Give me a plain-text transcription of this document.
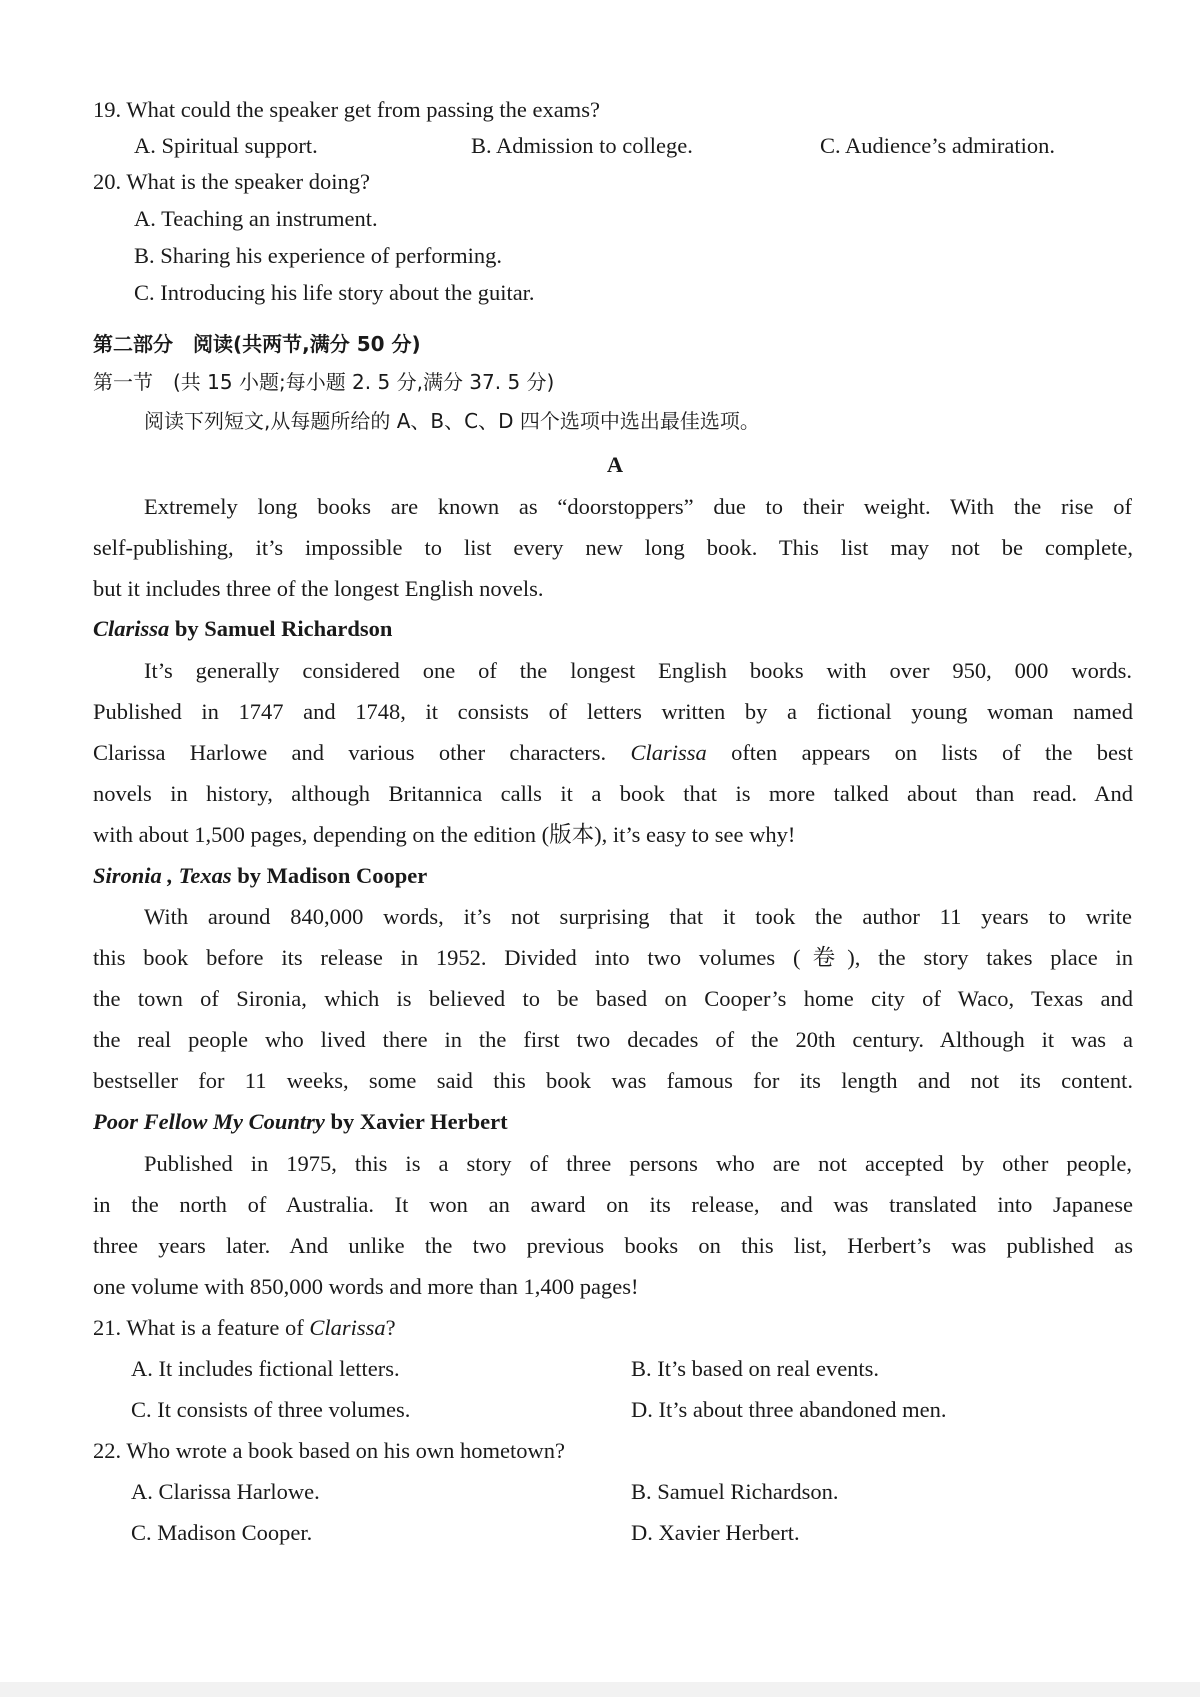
19. What could the speaker get from passing the exams?
A. Spiritual support.	B. Admission to college.	C. Audience’s admiration.
20. What is the speaker doing?
A. Teaching an instrument.
B. Sharing his experience of performing.
C. Introducing his life story about the guitar.
第二部分　阅读(共两节,满分 50 分)
第一节　(共 15 小题;每小题 2. 5 分,满分 37. 5 分)
阅读下列短文,从每题所给的 A、B、C、D 四个选项中选出最佳选项。
A
Extremely long books are known as “doorstoppers” due to their weight. With the rise of
self-publishing, it’s impossible to list every new long book. This list may not be complete,
but it includes three of the longest English novels.
Clarissa by Samuel Richardson
It’s generally considered one of the longest English books with over 950, 000 words.
Published in 1747 and 1748, it consists of letters written by a fictional young woman named
Clarissa Harlowe and various other characters. Clarissa often appears on lists of the best
novels in history, although Britannica calls it a book that is more talked about than read. And
with about 1,500 pages, depending on the edition (版本), it’s easy to see why!
Sironia , Texas by Madison Cooper
With around 840,000 words, it’s not surprising that it took the author 11 years to write
this book before its release in 1952. Divided into two volumes (卷), the story takes place in
the town of Sironia, which is believed to be based on Cooper’s home city of Waco, Texas and
the real people who lived there in the first two decades of the 20th century. Although it was a
bestseller for 11 weeks, some said this book was famous for its length and not its content.
Poor Fellow My Country by Xavier Herbert
Published in 1975, this is a story of three persons who are not accepted by other people,
in the north of Australia. It won an award on its release, and was translated into Japanese
three years later. And unlike the two previous books on this list, Herbert’s was published as
one volume with 850,000 words and more than 1,400 pages!
21. What is a feature of Clarissa?
A. It includes fictional letters.	B. It’s based on real events.
C. It consists of three volumes.	D. It’s about three abandoned men.
22. Who wrote a book based on his own hometown?
A. Clarissa Harlowe.	B. Samuel Richardson.
C. Madison Cooper.	D. Xavier Herbert.
